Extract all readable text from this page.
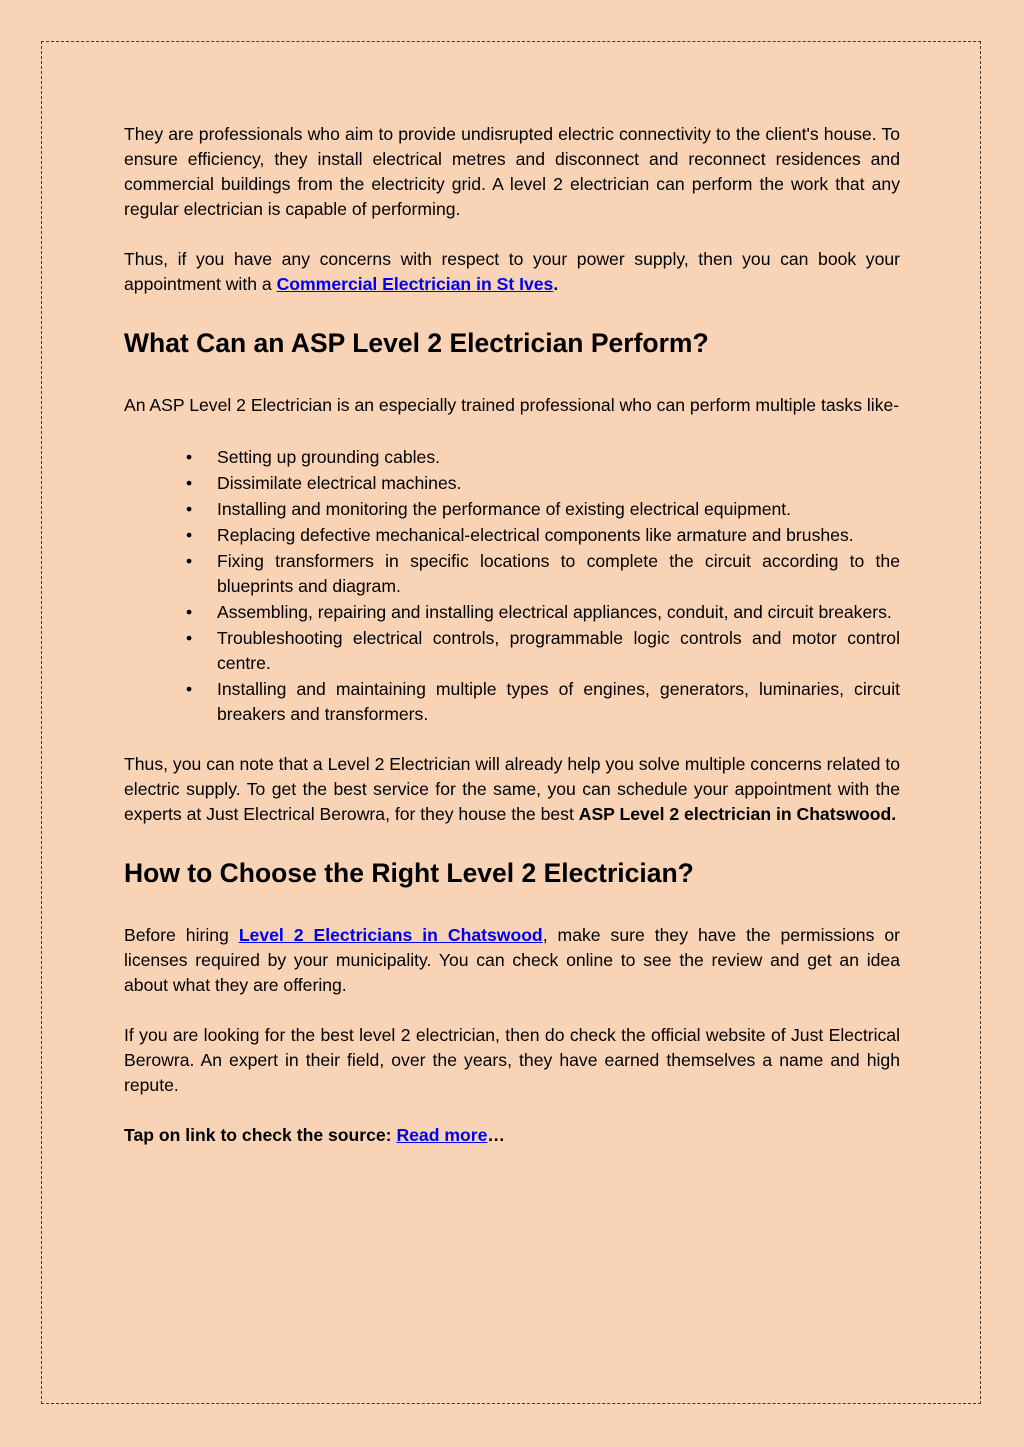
They are professionals who aim to provide undisrupted electric connectivity to the client's house. To ensure efficiency, they install electrical metres and disconnect and reconnect residences and commercial buildings from the electricity grid. A level 2 electrician can perform the work that any regular electrician is capable of performing.

Thus, if you have any concerns with respect to your power supply, then you can book your appointment with a Commercial Electrician in St Ives.

What Can an ASP Level 2 Electrician Perform?

An ASP Level 2 Electrician is an especially trained professional who can perform multiple tasks like-

• Setting up grounding cables.
• Dissimilate electrical machines.
• Installing and monitoring the performance of existing electrical equipment.
• Replacing defective mechanical-electrical components like armature and brushes.
• Fixing transformers in specific locations to complete the circuit according to the blueprints and diagram.
• Assembling, repairing and installing electrical appliances, conduit, and circuit breakers.
• Troubleshooting electrical controls, programmable logic controls and motor control centre.
• Installing and maintaining multiple types of engines, generators, luminaries, circuit breakers and transformers.

Thus, you can note that a Level 2 Electrician will already help you solve multiple concerns related to electric supply. To get the best service for the same, you can schedule your appointment with the experts at Just Electrical Berowra, for they house the best ASP Level 2 electrician in Chatswood.

How to Choose the Right Level 2 Electrician?

Before hiring Level 2 Electricians in Chatswood, make sure they have the permissions or licenses required by your municipality. You can check online to see the review and get an idea about what they are offering.

If you are looking for the best level 2 electrician, then do check the official website of Just Electrical Berowra. An expert in their field, over the years, they have earned themselves a name and high repute.

Tap on link to check the source: Read more…
